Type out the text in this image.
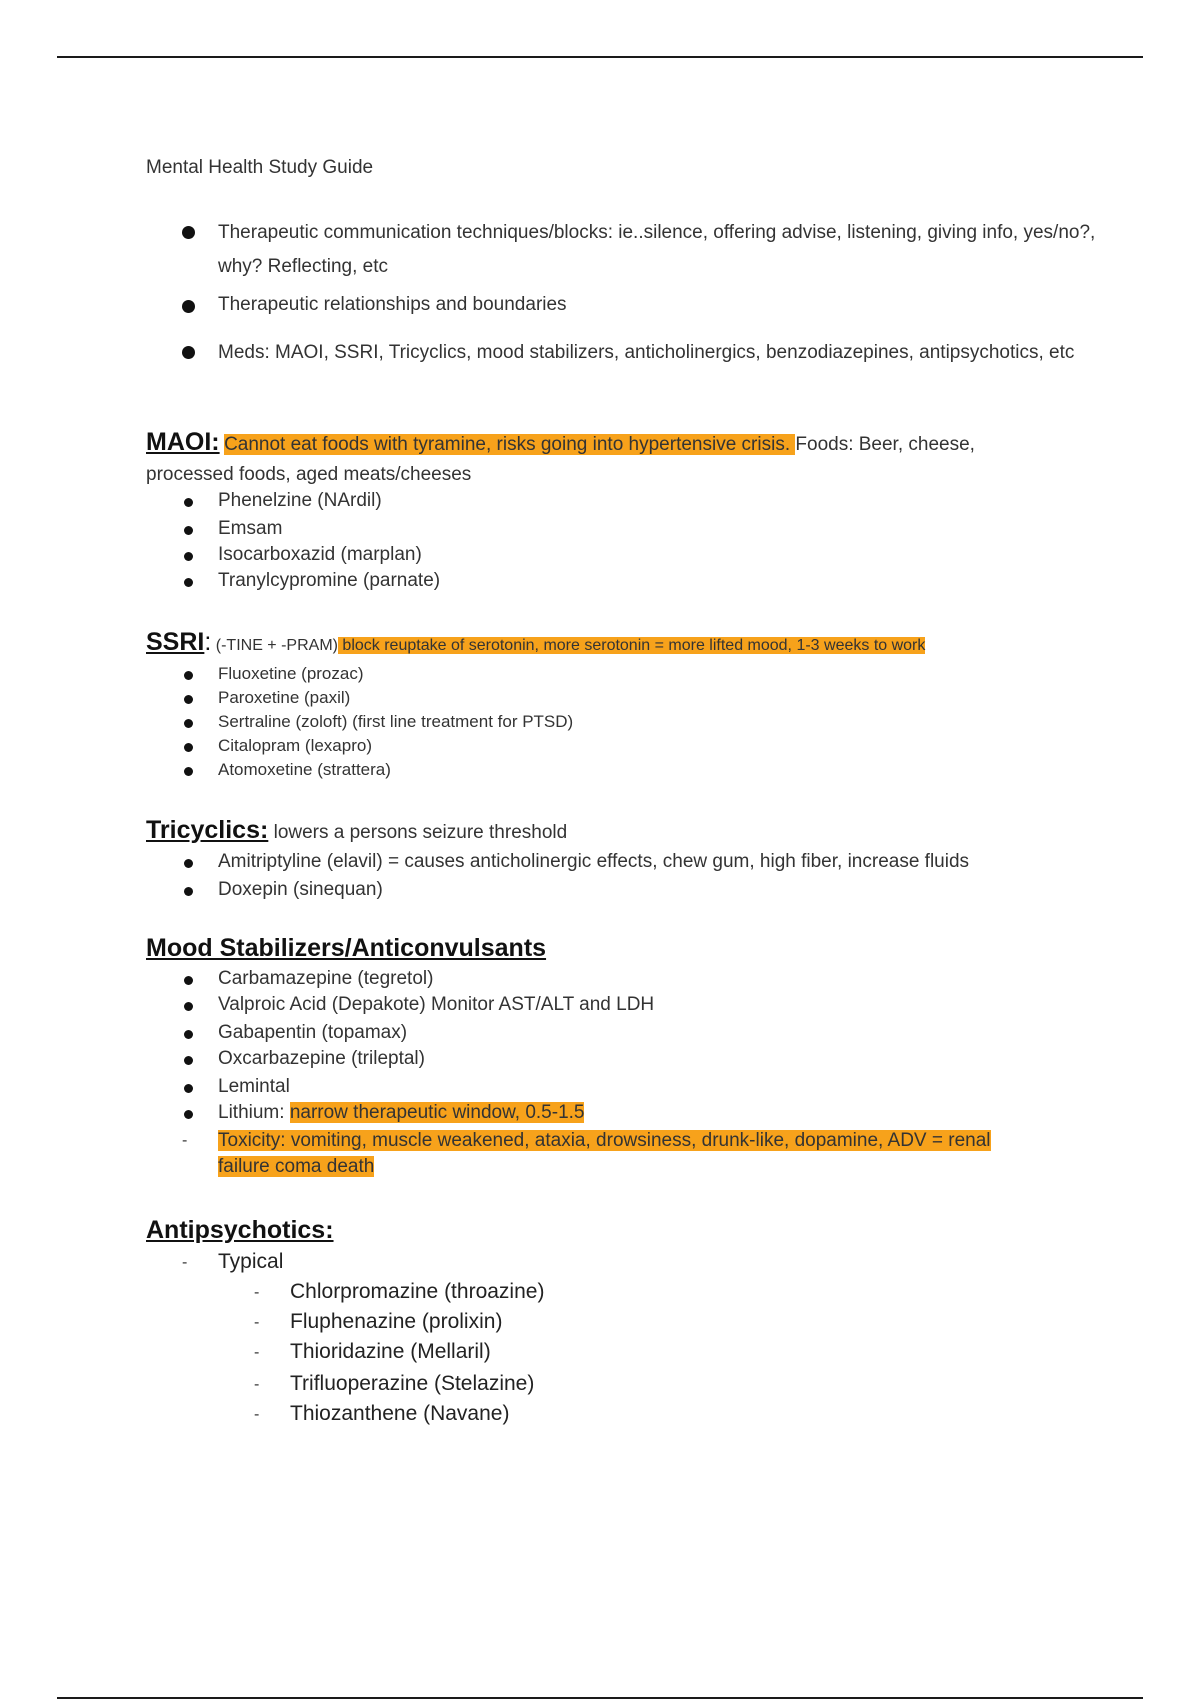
Mental Health Study Guide
Therapeutic communication techniques/blocks: ie..silence, offering advise, listening, giving info, yes/no?, why? Reflecting, etc
Therapeutic relationships and boundaries
Meds: MAOI, SSRI, Tricyclics, mood stabilizers, anticholinergics, benzodiazepines, antipsychotics, etc
MAOI: Cannot eat foods with tyramine, risks going into hypertensive crisis. Foods: Beer, cheese,
processed foods, aged meats/cheeses
Phenelzine (NArdil)
Emsam
Isocarboxazid (marplan)
Tranylcypromine (parnate)
SSRI: (-TINE + -PRAM) block reuptake of serotonin, more serotonin = more lifted mood, 1-3 weeks to work
Fluoxetine (prozac)
Paroxetine (paxil)
Sertraline (zoloft) (first line treatment for PTSD)
Citalopram (lexapro)
Atomoxetine (strattera)
Tricyclics: lowers a persons seizure threshold
Amitriptyline (elavil) = causes anticholinergic effects, chew gum, high fiber, increase fluids
Doxepin (sinequan)
Mood Stabilizers/Anticonvulsants
Carbamazepine (tegretol)
Valproic Acid (Depakote) Monitor AST/ALT and LDH
Gabapentin (topamax)
Oxcarbazepine (trileptal)
Lemintal
Lithium: narrow therapeutic window, 0.5-1.5
- Toxicity: vomiting, muscle weakened, ataxia, drowsiness, drunk-like, dopamine, ADV = renal
failure coma death
Antipsychotics:
- Typical
- Chlorpromazine (throazine)
- Fluphenazine (prolixin)
- Thioridazine (Mellaril)
- Trifluoperazine (Stelazine)
- Thiozanthene (Navane)
